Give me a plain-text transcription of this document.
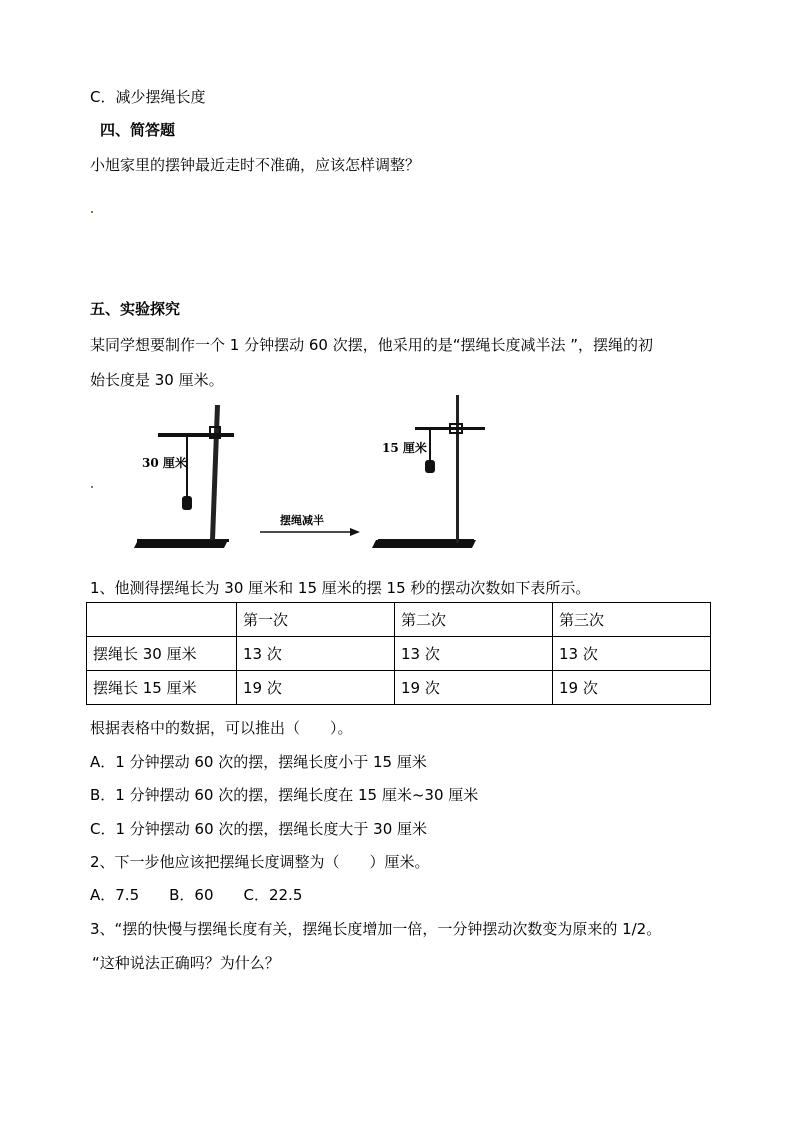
C．减少摆绳长度
四、简答题
小旭家里的摆钟最近走时不准确，应该怎样调整？
五、实验探究
某同学想要制作一个 1 分钟摆动 60 次摆，他采用的是“摆绳长度减半法 ”，摆绳的初
始长度是 30 厘米。
30 厘米
摆绳减半
15 厘米
1、他测得摆绳长为 30 厘米和 15 厘米的摆 15 秒的摆动次数如下表所示。
	第一次	第二次	第三次
摆绳长 30 厘米	13 次	13 次	13 次
摆绳长 15 厘米	19 次	19 次	19 次
根据表格中的数据，可以推出（　　）。
A．1 分钟摆动 60 次的摆，摆绳长度小于 15 厘米
B．1 分钟摆动 60 次的摆，摆绳长度在 15 厘米~30 厘米
C．1 分钟摆动 60 次的摆，摆绳长度大于 30 厘米
2、下一步他应该把摆绳长度调整为（　　）厘米。
A．7.5　　B．60　　C．22.5
3、“摆的快慢与摆绳长度有关，摆绳长度增加一倍，一分钟摆动次数变为原来的 1/2。
“这种说法正确吗？为什么？
